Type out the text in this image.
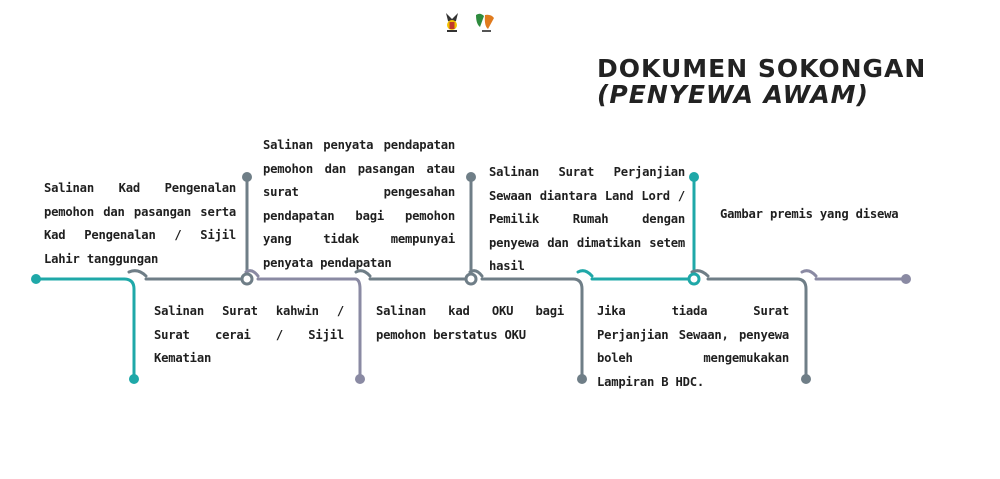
DOKUMEN SOKONGAN
(PENYEWA AWAM)
Salinan Kad Pengenalan pemohon dan pasangan serta Kad Pengenalan / Sijil Lahir tanggungan
Salinan Surat kahwin / Surat cerai / Sijil Kematian
Salinan penyata pendapatan pemohon dan pasangan atau surat pengesahan pendapatan bagi pemohon yang tidak mempunyai penyata pendapatan
Salinan kad OKU bagi pemohon berstatus OKU
Salinan Surat Perjanjian Sewaan diantara Land Lord / Pemilik Rumah dengan penyewa dan dimatikan setem hasil
Jika tiada Surat Perjanjian Sewaan, penyewa boleh mengemukakan Lampiran B HDC.
Gambar premis yang disewa
